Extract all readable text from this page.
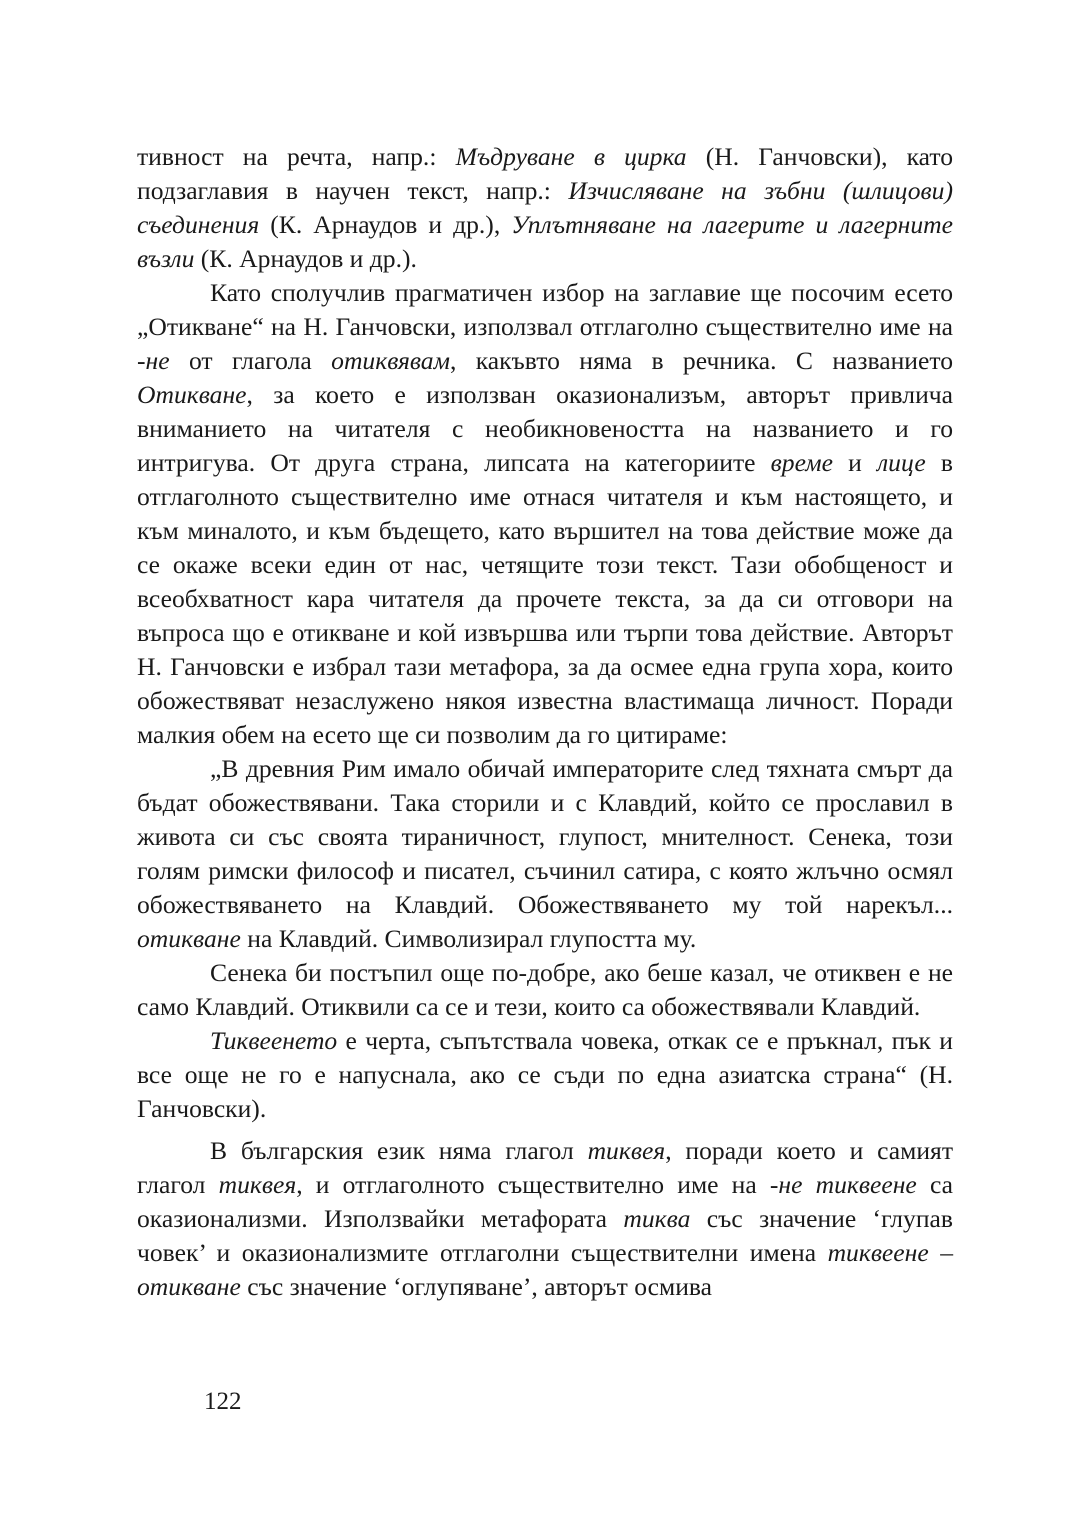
тивност на речта, напр.: Мъдруване в цирка (Н. Ганчовски), като подзаглавия в научен текст, напр.: Изчисляване на зъбни (шлицови) съединения (К. Арнаудов и др.), Уплътняване на лагерите и лагерните възли (К. Арнаудов и др.).

Като сполучлив прагматичен избор на заглавие ще посочим есето „Отикване“ на Н. Ганчовски, използвал отглаголно съществително име на -не от глагола отиквявам, какъвто няма в речника. С названието Отикване, за което е използван оказионализъм, авторът привлича вниманието на читателя с необикновеността на названието и го интригува. От друга страна, липсата на категориите време и лице в отглаголното съществително име отнася читателя и към настоящето, и към миналото, и към бъдещето, като вършител на това действие може да се окаже всеки един от нас, четящите този текст. Тази обобщеност и всеобхватност кара читателя да прочете текста, за да си отговори на въпроса що е отикване и кой извършва или търпи това действие. Авторът Н. Ганчовски е избрал тази метафора, за да осмее една група хора, които обожествяват незаслужено някоя известна властимаща личност. Поради малкия обем на есето ще си позволим да го цитираме:

„В древния Рим имало обичай императорите след тяхната смърт да бъдат обожествявани. Така сторили и с Клавдий, който се прославил в живота си със своята тираничност, глупост, мнителност. Сенека, този голям римски философ и писател, съчинил сатира, с която жлъчно осмял обожествяването на Клавдий. Обожествяването му той нарекъл... отикване на Клавдий. Символизирал глупостта му.

Сенека би постъпил още по-добре, ако беше казал, че отиквен е не само Клавдий. Отиквили са се и тези, които са обожествявали Клавдий.

Тиквеенето е черта, съпътствала човека, откак се е пръкнал, пък и все още не го е напуснала, ако се съди по една азиатска страна“ (Н. Ганчовски).

В българския език няма глагол тиквея, поради което и самият глагол тиквея, и отглаголното съществително име на -не тиквеене са оказионализми. Използвайки метафората тиква със значение ‘глупав човек’ и оказионализмите отглаголни съществителни имена тиквеене – отикване със значение ‘оглупяване’, авторът осмива

122
